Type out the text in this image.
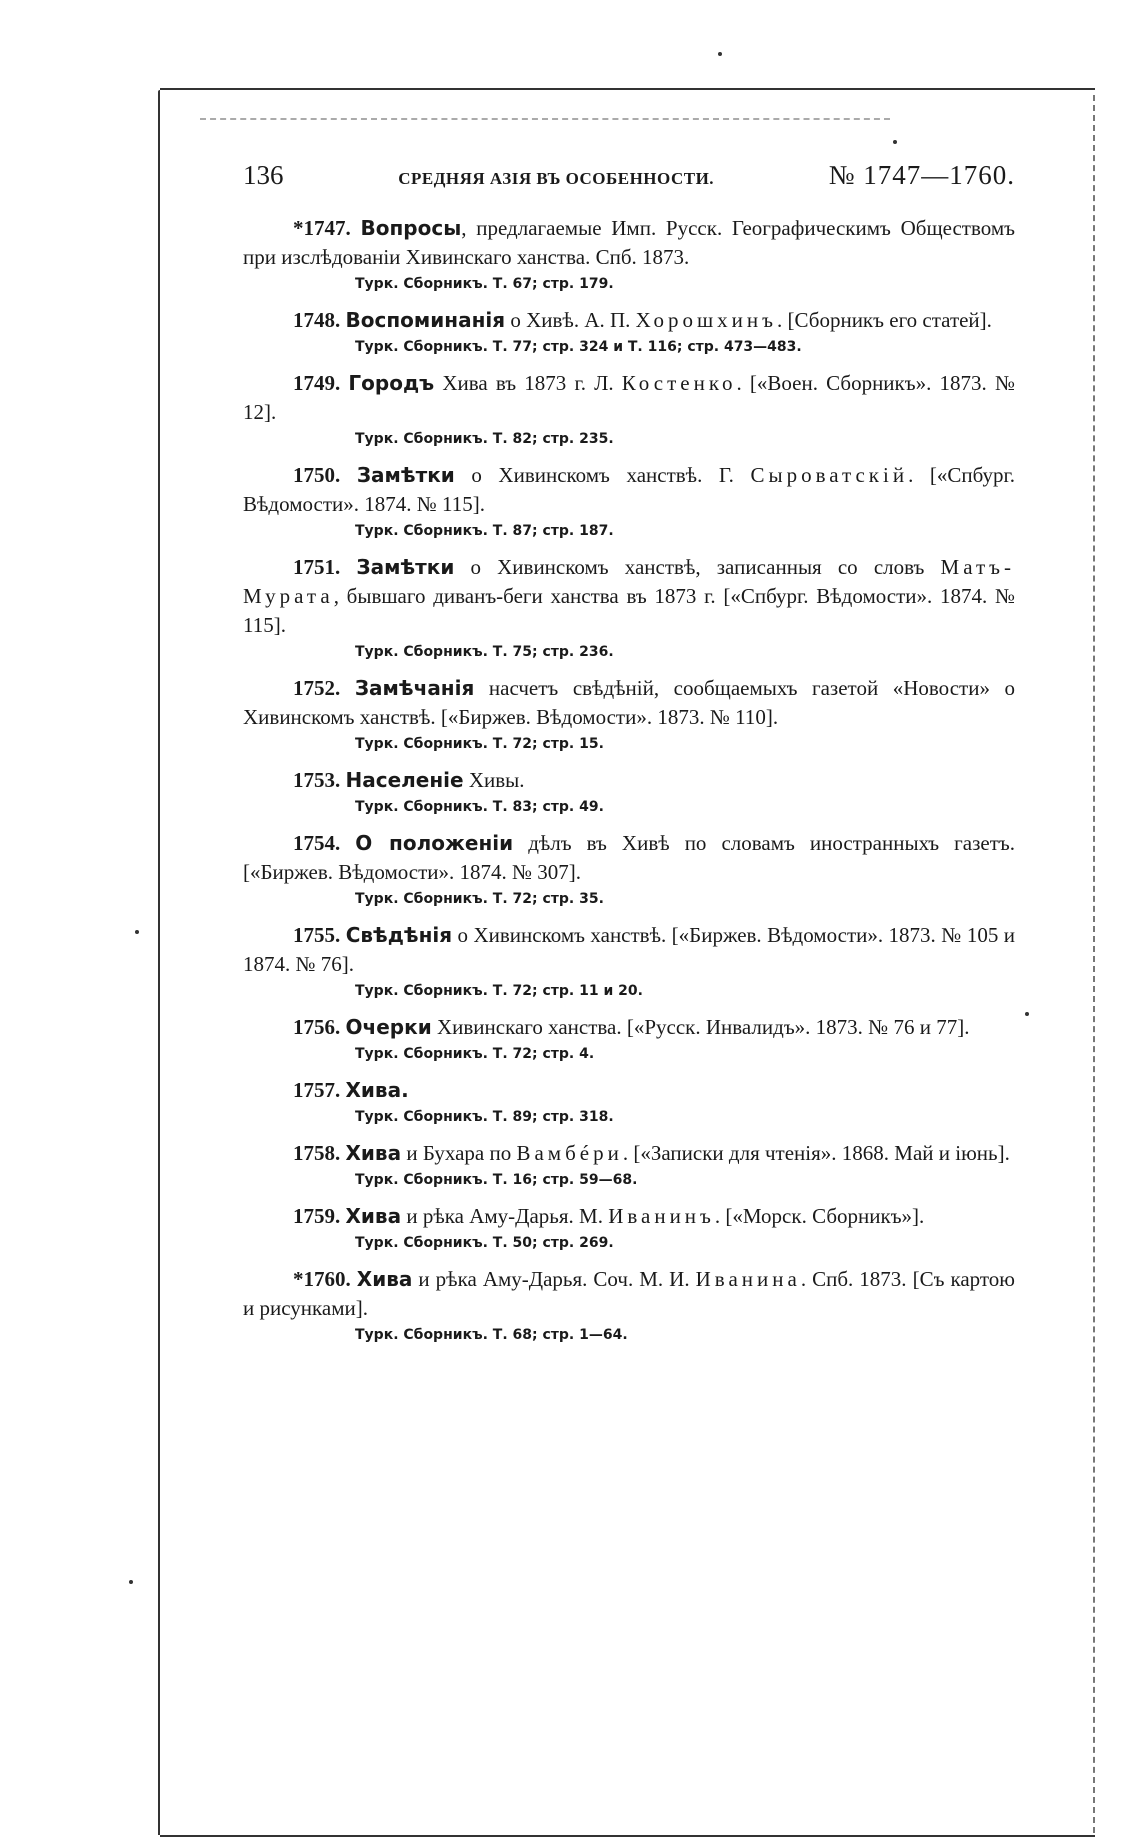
136	СРЕДНЯЯ АЗІЯ ВЪ ОСОБЕННОСТИ.	№ 1747—1760.

*1747. Вопросы, предлагаемые Имп. Русск. Географическимъ Обществомъ при изслѣдованіи Хивинскаго ханства. Спб. 1873.

Турк. Сборникъ. Т. 67; стр. 179.

1748. Воспоминанія о Хивѣ. А. П. Хорошхинъ. [Сборникъ его статей].

Турк. Сборникъ. Т. 77; стр. 324 и Т. 116; стр. 473—483.

1749. Городъ Хива въ 1873 г. Л. Костенко. [«Воен. Сборникъ». 1873. № 12].

Турк. Сборникъ. Т. 82; стр. 235.

1750. Замѣтки о Хивинскомъ ханствѣ. Г. Сыроватскій. [«Спбург. Вѣдомости». 1874. № 115].

Турк. Сборникъ. Т. 87; стр. 187.

1751. Замѣтки о Хивинскомъ ханствѣ, записанныя со словъ Матъ-Мурата, бывшаго диванъ-беги ханства въ 1873 г. [«Спбург. Вѣдомости». 1874. № 115].

Турк. Сборникъ. Т. 75; стр. 236.

1752. Замѣчанія насчетъ свѣдѣній, сообщаемыхъ газетой «Новости» о Хивинскомъ ханствѣ. [«Биржев. Вѣдомости». 1873. № 110].

Турк. Сборникъ. Т. 72; стр. 15.

1753. Населеніе Хивы.

Турк. Сборникъ. Т. 83; стр. 49.

1754. О положеніи дѣлъ въ Хивѣ по словамъ иностранныхъ газетъ. [«Биржев. Вѣдомости». 1874. № 307].

Турк. Сборникъ. Т. 72; стр. 35.

1755. Свѣдѣнія о Хивинскомъ ханствѣ. [«Биржев. Вѣдомости». 1873. № 105 и 1874. № 76].

Турк. Сборникъ. Т. 72; стр. 11 и 20.

1756. Очерки Хивинскаго ханства. [«Русск. Инвалидъ». 1873. № 76 и 77].

Турк. Сборникъ. Т. 72; стр. 4.

1757. Хива.

Турк. Сборникъ. Т. 89; стр. 318.

1758. Хива и Бухара по Вамбéри. [«Записки для чтенія». 1868. Май и іюнь].

Турк. Сборникъ. Т. 16; стр. 59—68.

1759. Хива и рѣка Аму-Дарья. М. Иванинъ. [«Морск. Сборникъ»].

Турк. Сборникъ. Т. 50; стр. 269.

*1760. Хива и рѣка Аму-Дарья. Соч. М. И. Иванина. Спб. 1873. [Съ картою и рисунками].

Турк. Сборникъ. Т. 68; стр. 1—64.
